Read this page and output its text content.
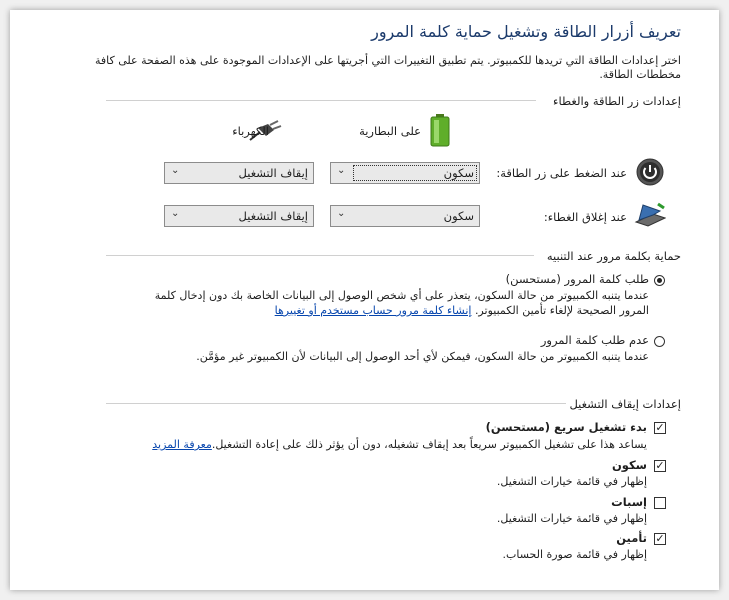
تعريف أزرار الطاقة وتشغيل حماية كلمة المرور
اختر إعدادات الطاقة التي تريدها للكمبيوتر. يتم تطبيق التغييرات التي أجريتها على الإعدادات الموجودة على هذه الصفحة على كافة مخططات الطاقة.
إعدادات زر الطاقة والغطاء
على البطارية
الكهرباء
عند الضغط على زر الطاقة:
سكون
⌄
إيقاف التشغيل
⌄
عند إغلاق الغطاء:
سكون
⌄
إيقاف التشغيل
⌄
حماية بكلمة مرور عند التنبيه
طلب كلمة المرور (مستحسن)
عندما يتنبه الكمبيوتر من حالة السكون، يتعذر على أي شخص الوصول إلى البيانات الخاصة بك دون إدخال كلمة
المرور الصحيحة لإلغاء تأمين الكمبيوتر. إنشاء كلمة مرور حساب مستخدم أو تغييرها
عدم طلب كلمة المرور
عندما يتنبه الكمبيوتر من حالة السكون، فيمكن لأي أحد الوصول إلى البيانات لأن الكمبيوتر غير مؤمَّن.
إعدادات إيقاف التشغيل
✓
بدء تشغيل سريع (مستحسن)
يساعد هذا على تشغيل الكمبيوتر سريعاً بعد إيقاف تشغيله، دون أن يؤثر ذلك على إعادة التشغيل.معرفة المزيد
✓
سكون
إظهار في قائمة خيارات التشغيل.
إسبات
إظهار في قائمة خيارات التشغيل.
✓
تأمين
إظهار في قائمة صورة الحساب.
